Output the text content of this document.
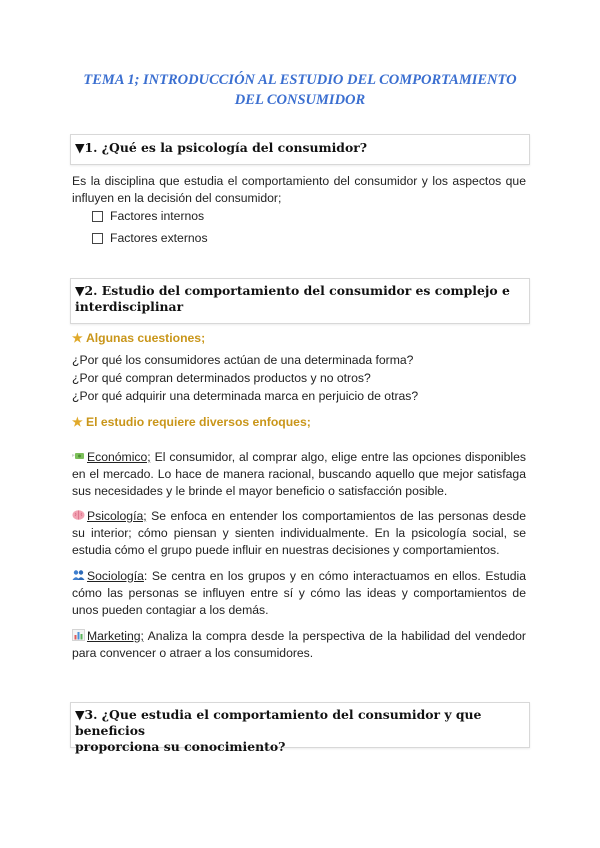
TEMA 1; INTRODUCCIÓN AL ESTUDIO DEL COMPORTAMIENTO
DEL CONSUMIDOR
▼1. ¿Qué es la psicología del consumidor?
Es la disciplina que estudia el comportamiento del consumidor y los aspectos que influyen en la decisión del consumidor;
Factores internos
Factores externos
▼2. Estudio del comportamiento del consumidor es complejo e
interdisciplinar
★ Algunas cuestiones;
¿Por qué los consumidores actúan de una determinada forma?
¿Por qué compran determinados productos y no otros?
¿Por qué adquirir una determinada marca en perjuicio de otras?
★ El estudio requiere diversos enfoques;
Económico; El consumidor, al comprar algo, elige entre las opciones disponibles en el mercado. Lo hace de manera racional, buscando aquello que mejor satisfaga sus necesidades y le brinde el mayor beneficio o satisfacción posible.
Psicología; Se enfoca en entender los comportamientos de las personas desde su interior; cómo piensan y sienten individualmente. En la psicología social, se estudia cómo el grupo puede influir en nuestras decisiones y comportamientos.
Sociología: Se centra en los grupos y en cómo interactuamos en ellos. Estudia cómo las personas se influyen entre sí y cómo las ideas y comportamientos de unos pueden contagiar a los demás.
Marketing; Analiza la compra desde la perspectiva de la habilidad del vendedor para convencer o atraer a los consumidores.
▼3. ¿Que estudia el comportamiento del consumidor y que beneficios
proporciona su conocimiento?
